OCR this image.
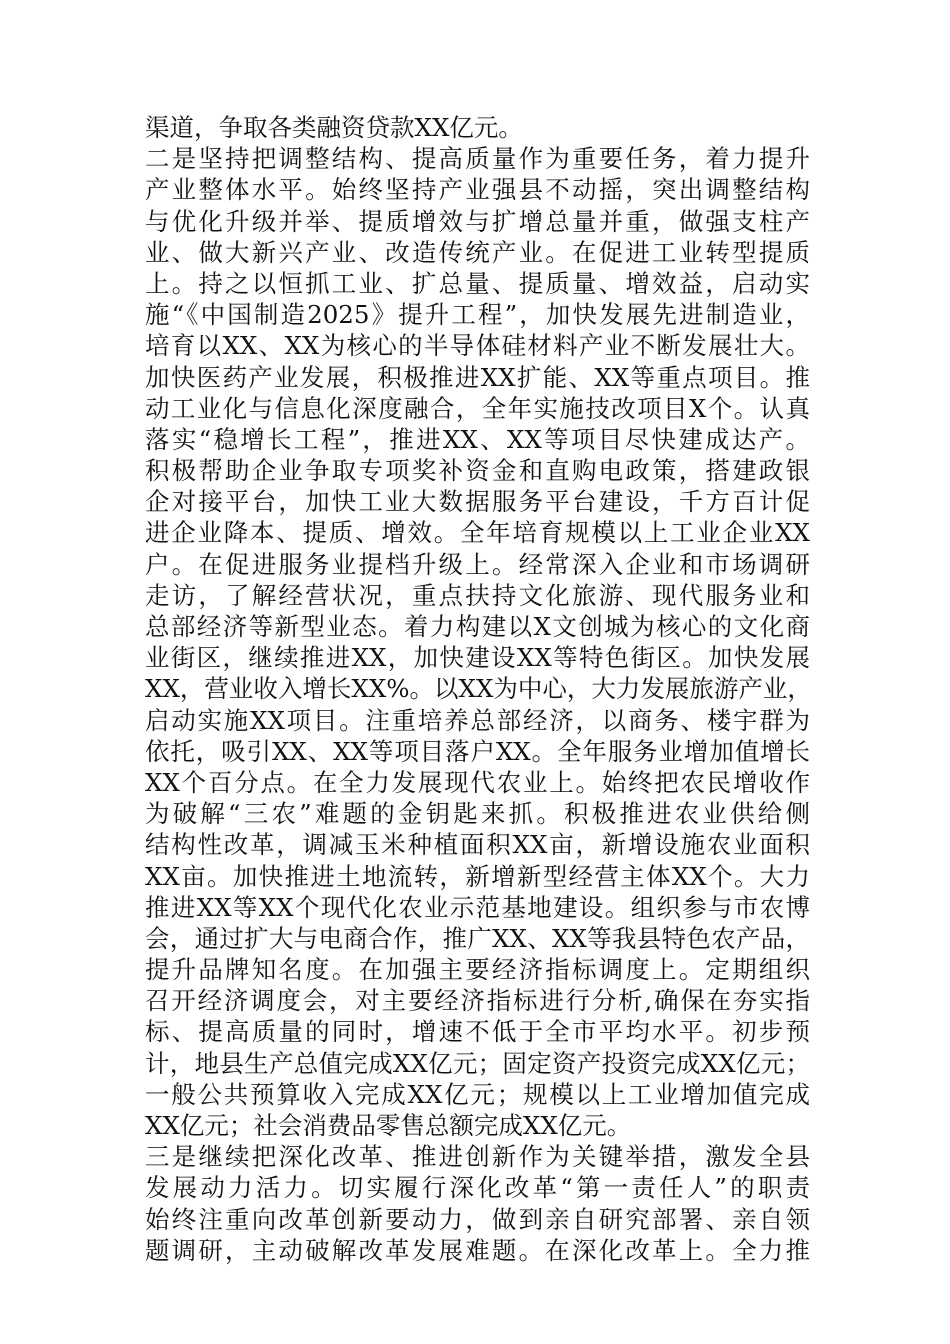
渠道，争取各类融资贷款XX亿元。
二是坚持把调整结构、提高质量作为重要任务，着力提升
产业整体水平。始终坚持产业强县不动摇，突出调整结构
与优化升级并举、提质增效与扩增总量并重，做强支柱产
业、做大新兴产业、改造传统产业。在促进工业转型提质
上。持之以恒抓工业、扩总量、提质量、增效益，启动实
施“《中国制造2025》提升工程”，加快发展先进制造业，
培育以XX、XX为核心的半导体硅材料产业不断发展壮大。
加快医药产业发展，积极推进XX扩能、XX等重点项目。推
动工业化与信息化深度融合，全年实施技改项目X个。认真
落实“稳增长工程”，推进XX、XX等项目尽快建成达产。
积极帮助企业争取专项奖补资金和直购电政策，搭建政银
企对接平台，加快工业大数据服务平台建设，千方百计促
进企业降本、提质、增效。全年培育规模以上工业企业XX
户。在促进服务业提档升级上。经常深入企业和市场调研
走访，了解经营状况，重点扶持文化旅游、现代服务业和
总部经济等新型业态。着力构建以X文创城为核心的文化商
业街区，继续推进XX，加快建设XX等特色街区。加快发展
XX，营业收入增长XX%。以XX为中心，大力发展旅游产业，
启动实施XX项目。注重培养总部经济，以商务、楼宇群为
依托，吸引XX、XX等项目落户XX。全年服务业增加值增长
XX个百分点。在全力发展现代农业上。始终把农民增收作
为破解“三农”难题的金钥匙来抓。积极推进农业供给侧
结构性改革，调减玉米种植面积XX亩，新增设施农业面积
XX亩。加快推进土地流转，新增新型经营主体XX个。大力
推进XX等XX个现代化农业示范基地建设。组织参与市农博
会，通过扩大与电商合作，推广XX、XX等我县特色农产品，
提升品牌知名度。在加强主要经济指标调度上。定期组织
召开经济调度会，对主要经济指标进行分析,确保在夯实指
标、提高质量的同时，增速不低于全市平均水平。初步预
计，地县生产总值完成XX亿元；固定资产投资完成XX亿元；
一般公共预算收入完成XX亿元；规模以上工业增加值完成
XX亿元；社会消费品零售总额完成XX亿元。
三是继续把深化改革、推进创新作为关键举措，激发全县
发展动力活力。切实履行深化改革“第一责任人”的职责
始终注重向改革创新要动力，做到亲自研究部署、亲自领
题调研，主动破解改革发展难题。在深化改革上。全力推
